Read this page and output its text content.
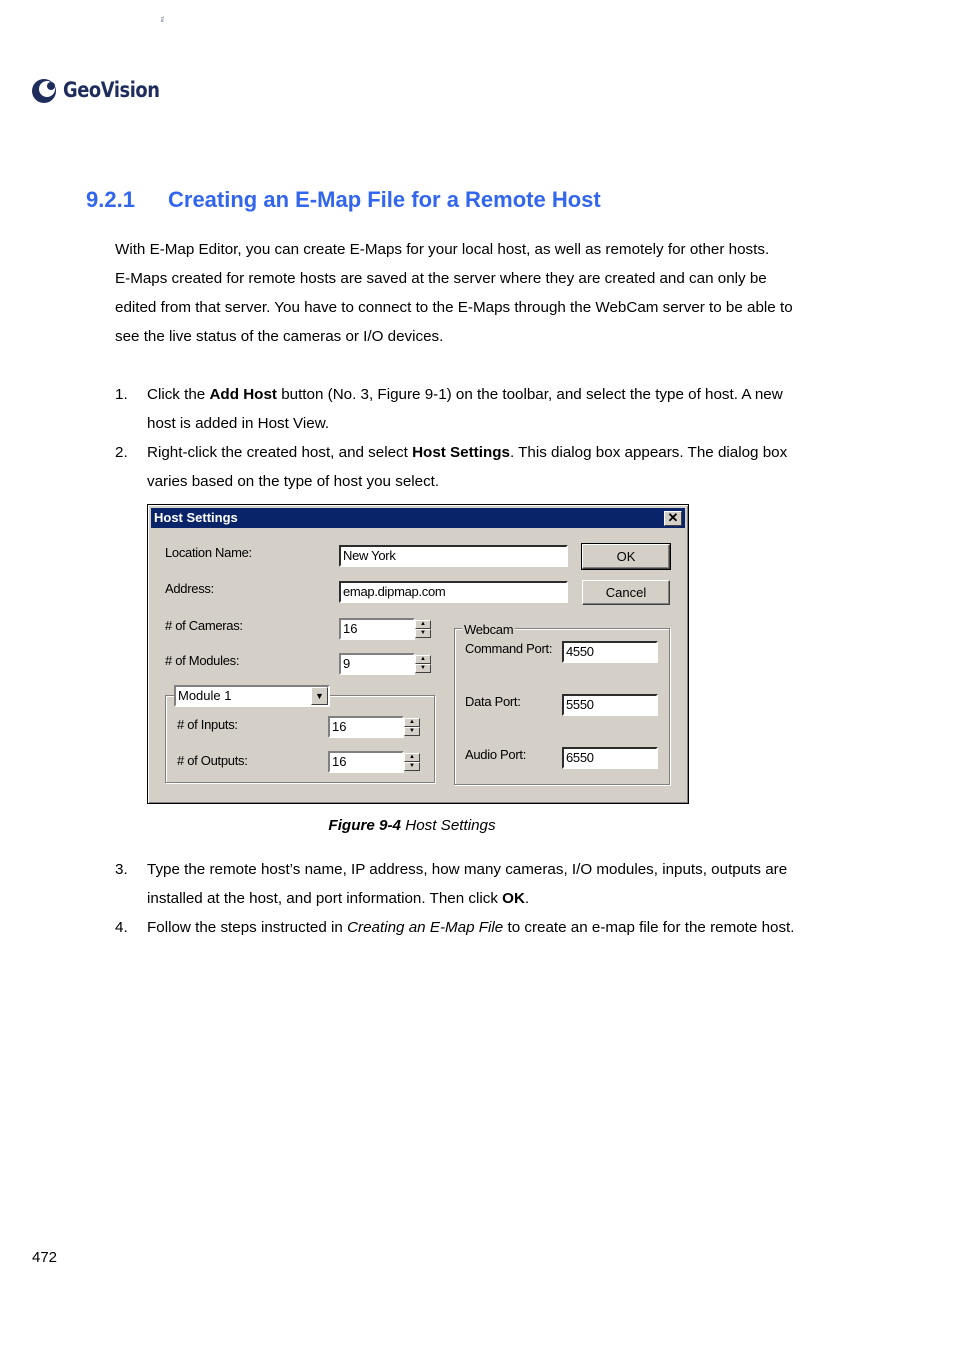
GeoVision
TM
9.2.1 Creating an E-Map File for a Remote Host

With E-Map Editor, you can create E-Maps for your local host, as well as remotely for other hosts.

E-Maps created for remote hosts are saved at the server where they are created and can only be

edited from that server. You have to connect to the E-Maps through the WebCam server to be able to

see the live status of the cameras or I/O devices.

1.	Click the Add Host button (No. 3, Figure 9-1) on the toolbar, and select the type of host. A new

host is added in Host View.

2.	Right-click the created host, and select Host Settings. This dialog box appears. The dialog box

varies based on the type of host you select.

Host Settings	✕
Location Name:	New York
Address:	emap.dipmap.com
OK
Cancel
# of Cameras:	16	▲
▼
# of Modules:	9	▲
▼
Module 1	▼
# of Inputs:	16	▲
▼
# of Outputs:	16	▲
▼
Webcam
Command Port:	4550
Data Port:	5550
Audio Port:	6550
Figure 9-4 Host Settings
3.	Type the remote host’s name, IP address, how many cameras, I/O modules, inputs, outputs are

installed at the host, and port information. Then click OK.

4.	Follow the steps instructed in Creating an E-Map File to create an e-map file for the remote host.

472
